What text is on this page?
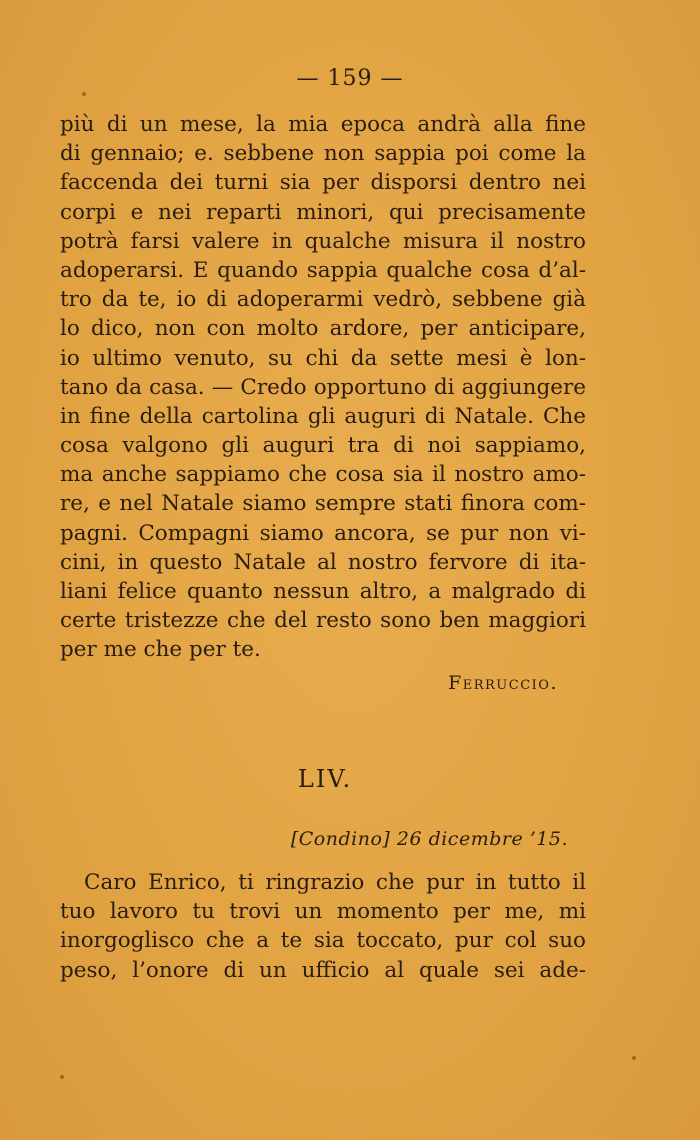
— 159 —
più di un mese, la mia epoca andrà alla fine
di gennaio; e. sebbene non sappia poi come la
faccenda dei turni sia per disporsi dentro nei
corpi e nei reparti minori, qui precisamente
potrà farsi valere in qualche misura il nostro
adoperarsi. E quando sappia qualche cosa d’al-
tro da te, io di adoperarmi vedrò, sebbene già
lo dico, non con molto ardore, per anticipare,
io ultimo venuto, su chi da sette mesi è lon-
tano da casa. — Credo opportuno di aggiungere
in fine della cartolina gli auguri di Natale. Che
cosa valgono gli auguri tra di noi sappiamo,
ma anche sappiamo che cosa sia il nostro amo-
re, e nel Natale siamo sempre stati finora com-
pagni. Compagni siamo ancora, se pur non vi-
cini, in questo Natale al nostro fervore di ita-
liani felice quanto nessun altro, a malgrado di
certe tristezze che del resto sono ben maggiori
per me che per te.
Ferruccio.
LIV.
[Condino] 26 dicembre ’15.
Caro Enrico, ti ringrazio che pur in tutto il
tuo lavoro tu trovi un momento per me, mi
inorgoglisco che a te sia toccato, pur col suo
peso, l’onore di un ufficio al quale sei ade-
